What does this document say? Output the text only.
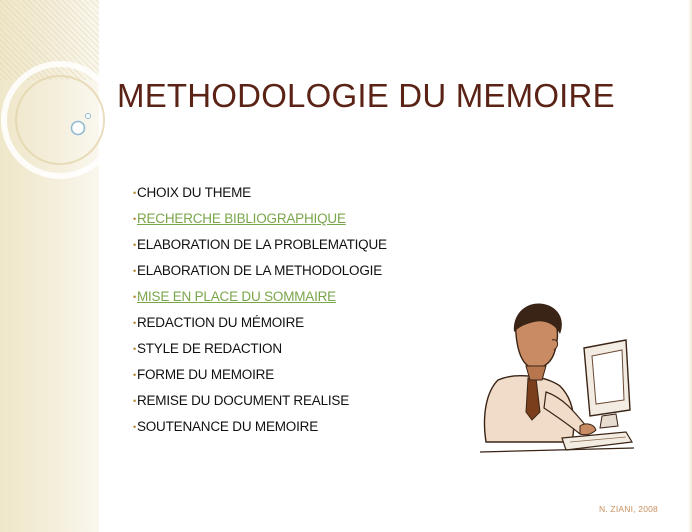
METHODOLOGIE DU MEMOIRE
•CHOIX DU THEME
•RECHERCHE BIBLIOGRAPHIQUE
•ELABORATION DE LA PROBLEMATIQUE
•ELABORATION DE LA METHODOLOGIE
•MISE EN PLACE DU SOMMAIRE
•REDACTION DU MÉMOIRE
•STYLE DE REDACTION
•FORME DU MEMOIRE
•REMISE DU DOCUMENT REALISE
•SOUTENANCE DU MEMOIRE
N. ZIANI, 2008
